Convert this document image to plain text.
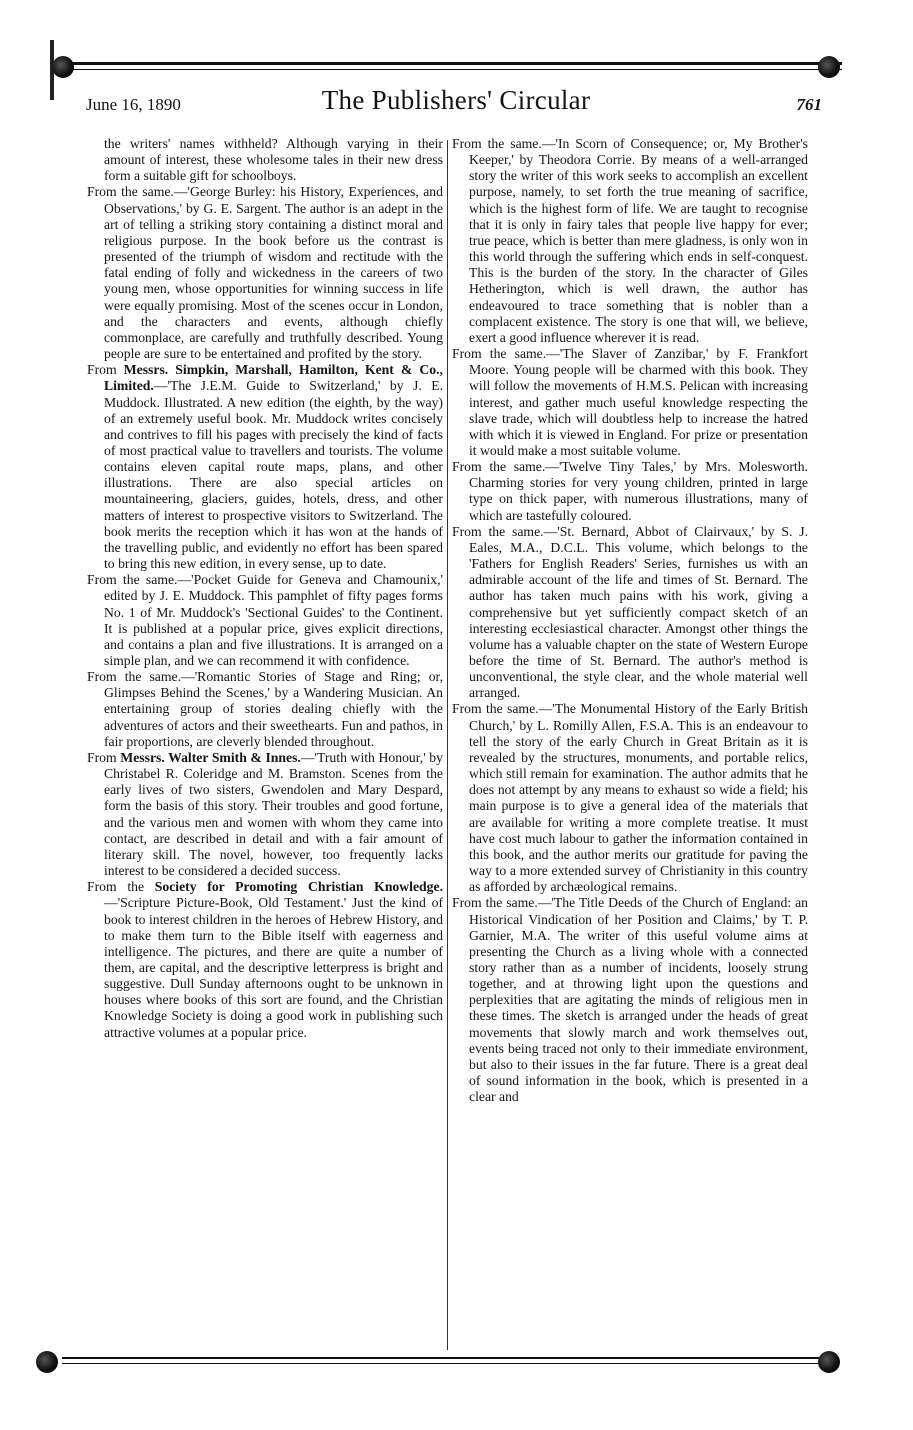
June 16, 1890	The Publishers' Circular	761

the writers' names withheld? Although varying in their amount of interest, these wholesome tales in their new dress form a suitable gift for schoolboys.

From the same.—'George Burley: his History, Experiences, and Observations,' by G. E. Sargent. The author is an adept in the art of telling a striking story containing a distinct moral and religious purpose. In the book before us the contrast is presented of the triumph of wisdom and rectitude with the fatal ending of folly and wickedness in the careers of two young men, whose opportunities for winning success in life were equally promising. Most of the scenes occur in London, and the characters and events, although chiefly commonplace, are carefully and truthfully described. Young people are sure to be entertained and profited by the story.

From Messrs. Simpkin, Marshall, Hamilton, Kent & Co., Limited.—'The J.E.M. Guide to Switzerland,' by J. E. Muddock. Illustrated. A new edition (the eighth, by the way) of an extremely useful book. Mr. Muddock writes concisely and contrives to fill his pages with precisely the kind of facts of most practical value to travellers and tourists. The volume contains eleven capital route maps, plans, and other illustrations. There are also special articles on mountaineering, glaciers, guides, hotels, dress, and other matters of interest to prospective visitors to Switzerland. The book merits the reception which it has won at the hands of the travelling public, and evidently no effort has been spared to bring this new edition, in every sense, up to date.

From the same.—'Pocket Guide for Geneva and Chamounix,' edited by J. E. Muddock. This pamphlet of fifty pages forms No. 1 of Mr. Muddock's 'Sectional Guides' to the Continent. It is published at a popular price, gives explicit directions, and contains a plan and five illustrations. It is arranged on a simple plan, and we can recommend it with confidence.

From the same.—'Romantic Stories of Stage and Ring; or, Glimpses Behind the Scenes,' by a Wandering Musician. An entertaining group of stories dealing chiefly with the adventures of actors and their sweethearts. Fun and pathos, in fair proportions, are cleverly blended throughout.

From Messrs. Walter Smith & Innes.—'Truth with Honour,' by Christabel R. Coleridge and M. Bramston. Scenes from the early lives of two sisters, Gwendolen and Mary Despard, form the basis of this story. Their troubles and good fortune, and the various men and women with whom they came into contact, are described in detail and with a fair amount of literary skill. The novel, however, too frequently lacks interest to be considered a decided success.

From the Society for Promoting Christian Knowledge.—'Scripture Picture-Book, Old Testament.' Just the kind of book to interest children in the heroes of Hebrew History, and to make them turn to the Bible itself with eagerness and intelligence. The pictures, and there are quite a number of them, are capital, and the descriptive letterpress is bright and suggestive. Dull Sunday afternoons ought to be unknown in houses where books of this sort are found, and the Christian Knowledge Society is doing a good work in publishing such attractive volumes at a popular price.

From the same.—'In Scorn of Consequence; or, My Brother's Keeper,' by Theodora Corrie. By means of a well-arranged story the writer of this work seeks to accomplish an excellent purpose, namely, to set forth the true meaning of sacrifice, which is the highest form of life. We are taught to recognise that it is only in fairy tales that people live happy for ever; true peace, which is better than mere gladness, is only won in this world through the suffering which ends in self-conquest. This is the burden of the story. In the character of Giles Hetherington, which is well drawn, the author has endeavoured to trace something that is nobler than a complacent existence. The story is one that will, we believe, exert a good influence wherever it is read.

From the same.—'The Slaver of Zanzibar,' by F. Frankfort Moore. Young people will be charmed with this book. They will follow the movements of H.M.S. Pelican with increasing interest, and gather much useful knowledge respecting the slave trade, which will doubtless help to increase the hatred with which it is viewed in England. For prize or presentation it would make a most suitable volume.

From the same.—'Twelve Tiny Tales,' by Mrs. Molesworth. Charming stories for very young children, printed in large type on thick paper, with numerous illustrations, many of which are tastefully coloured.

From the same.—'St. Bernard, Abbot of Clairvaux,' by S. J. Eales, M.A., D.C.L. This volume, which belongs to the 'Fathers for English Readers' Series, furnishes us with an admirable account of the life and times of St. Bernard. The author has taken much pains with his work, giving a comprehensive but yet sufficiently compact sketch of an interesting ecclesiastical character. Amongst other things the volume has a valuable chapter on the state of Western Europe before the time of St. Bernard. The author's method is unconventional, the style clear, and the whole material well arranged.

From the same.—'The Monumental History of the Early British Church,' by L. Romilly Allen, F.S.A. This is an endeavour to tell the story of the early Church in Great Britain as it is revealed by the structures, monuments, and portable relics, which still remain for examination. The author admits that he does not attempt by any means to exhaust so wide a field; his main purpose is to give a general idea of the materials that are available for writing a more complete treatise. It must have cost much labour to gather the information contained in this book, and the author merits our gratitude for paving the way to a more extended survey of Christianity in this country as afforded by archæological remains.

From the same.—'The Title Deeds of the Church of England: an Historical Vindication of her Position and Claims,' by T. P. Garnier, M.A. The writer of this useful volume aims at presenting the Church as a living whole with a connected story rather than as a number of incidents, loosely strung together, and at throwing light upon the questions and perplexities that are agitating the minds of religious men in these times. The sketch is arranged under the heads of great movements that slowly march and work themselves out, events being traced not only to their immediate environment, but also to their issues in the far future. There is a great deal of sound information in the book, which is presented in a clear and
